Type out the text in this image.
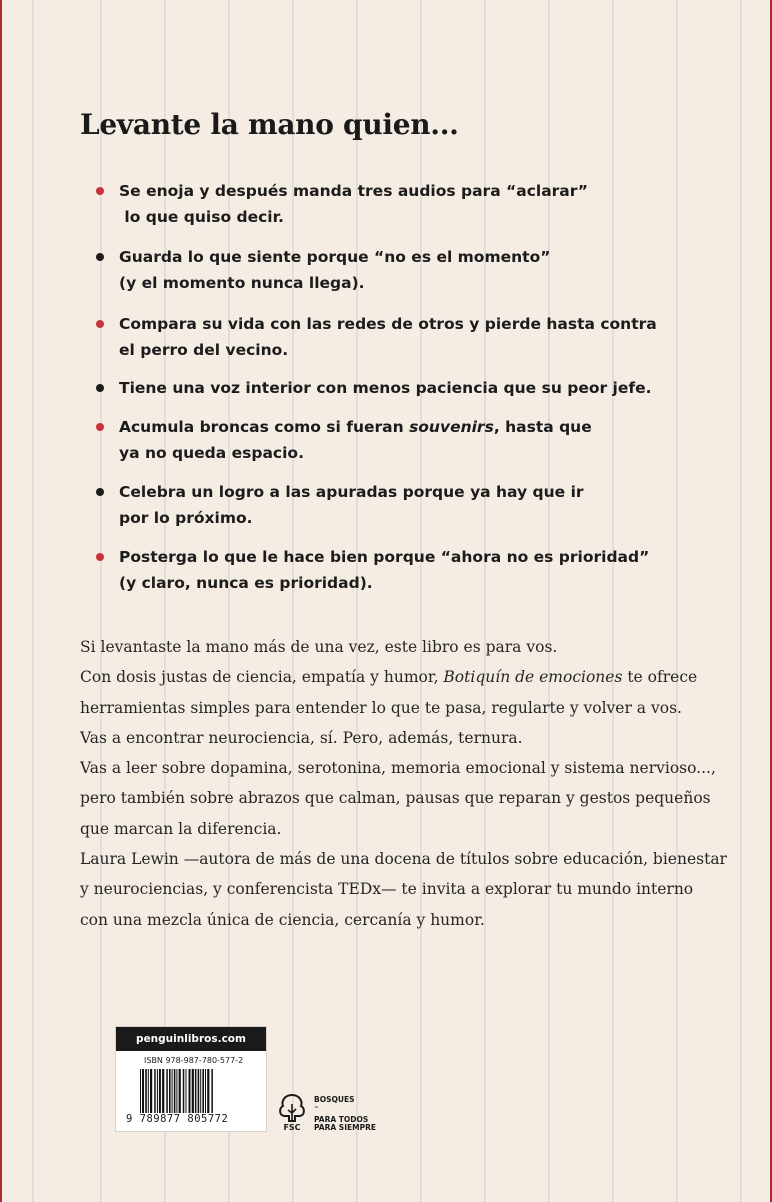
Levante la mano quien...
Se enoja y después manda tres audios para “aclarar”
lo que quiso decir.
Guarda lo que siente porque “no es el momento”
(y el momento nunca llega).
Compara su vida con las redes de otros y pierde hasta contra
el perro del vecino.
Tiene una voz interior con menos paciencia que su peor jefe.
Acumula broncas como si fueran souvenirs, hasta que
ya no queda espacio.
Celebra un logro a las apuradas porque ya hay que ir
por lo próximo.
Posterga lo que le hace bien porque “ahora no es prioridad”
(y claro, nunca es prioridad).
Si levantaste la mano más de una vez, este libro es para vos.
Con dosis justas de ciencia, empatía y humor, Botiquín de emociones te ofrece
herramientas simples para entender lo que te pasa, regularte y volver a vos.
Vas a encontrar neurociencia, sí. Pero, además, ternura.
Vas a leer sobre dopamina, serotonina, memoria emocional y sistema nervioso...,
pero también sobre abrazos que calman, pausas que reparan y gestos pequeños
que marcan la diferencia.
Laura Lewin —autora de más de una docena de títulos sobre educación, bienestar
y neurociencias, y conferencista TEDx— te invita a explorar tu mundo interno
con una mezcla única de ciencia, cercanía y humor.
penguinlibros.com
ISBN 978-987-780-577-2
9 789877 805772
FSC
BOSQUES
™
PARA TODOS
PARA SIEMPRE
